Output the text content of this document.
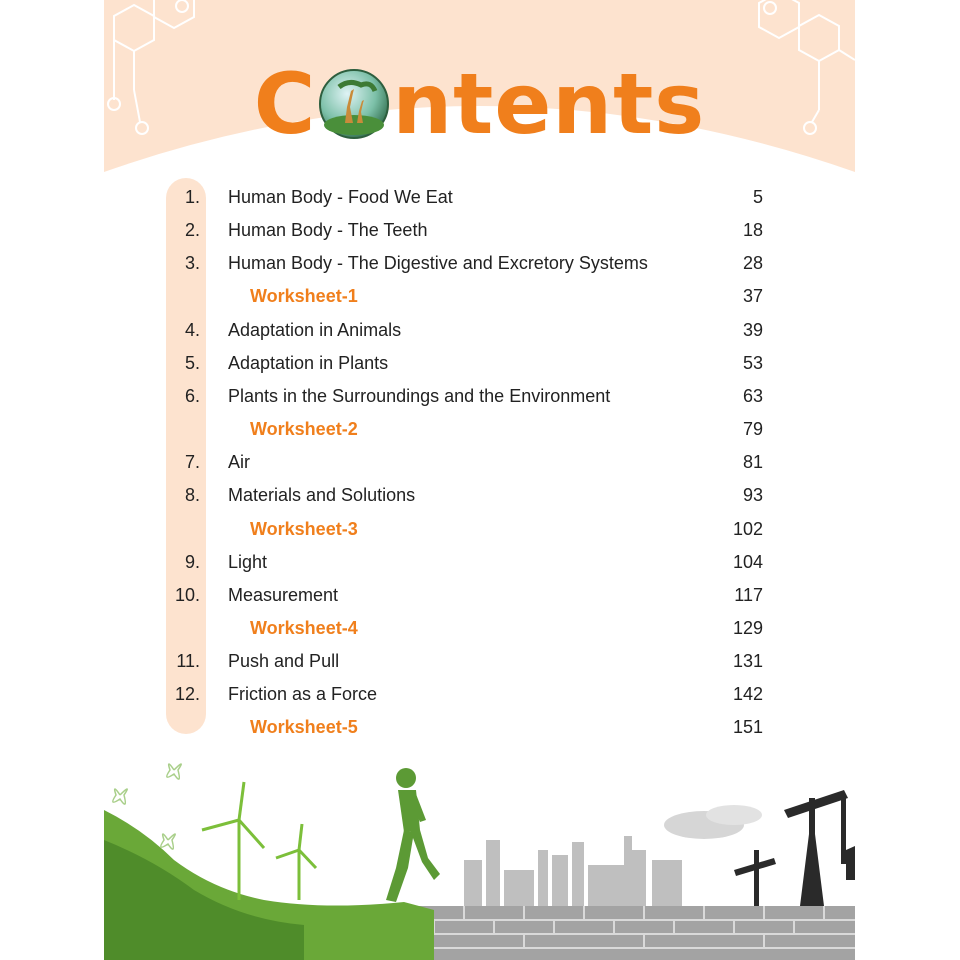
C ntents
1. Human Body - Food We Eat	5
2. Human Body - The Teeth	18
3. Human Body - The Digestive and Excretory Systems	28
Worksheet-1	37
4. Adaptation in Animals	39
5. Adaptation in Plants	53
6. Plants in the Surroundings and the Environment	63
Worksheet-2	79
7. Air	81
8. Materials and Solutions	93
Worksheet-3	102
9. Light	104
10. Measurement	117
Worksheet-4	129
11. Push and Pull	131
12. Friction as a Force	142
Worksheet-5	151
